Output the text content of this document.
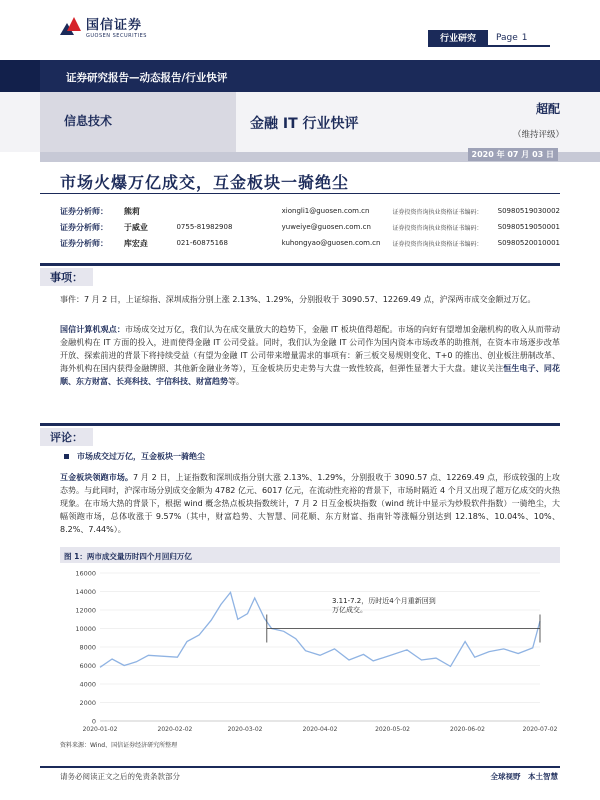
国信证券
GUOSEN SECURITIES	行业研究	Page 1
证券研究报告—动态报告/行业快评
信息技术	金融 IT 行业快评
超配
（维持评级）
2020 年 07 月 03 日
市场火爆万亿成交，互金板块一骑绝尘
证券分析师：	熊莉	xiongli1@guosen.com.cn	证券投资咨询执业资格证书编码：	S0980519030002
证券分析师：	于威业	0755-81982908	yuweiye@guosen.com.cn	证券投资咨询执业资格证书编码：	S0980519050001
证券分析师：	库宏垚	021-60875168	kuhongyao@guosen.com.cn	证券投资咨询执业资格证书编码：	S0980520010001
事项：
事件：7 月 2 日，上证综指、深圳成指分别上涨 2.13%、1.29%，分别报收于 3090.57、12269.49 点，沪深两市成交金额过万亿。
国信计算机观点：市场成交过万亿，我们认为在成交量放大的趋势下，金融 IT 板块值得超配。市场的向好有望增加金融机构的收入从而带动金融机构在 IT 方面的投入，进而使得金融 IT 公司受益。同时，我们认为金融 IT 公司作为国内资本市场改革的助推剂，在资本市场逐步改革开放、探索前进的背景下将持续受益（有望为金融 IT 公司带来增量需求的事项有：新三板交易规则变化、T+0 的推出、创业板注册制改革、海外机构在国内获得金融牌照、其他新金融业务等），互金板块历史走势与大盘一致性较高，但弹性显著大于大盘。建议关注恒生电子、同花顺、东方财富、长亮科技、宇信科技、财富趋势等。
评论：
市场成交过万亿，互金板块一骑绝尘
互金板块领跑市场。7 月 2 日，上证指数和深圳成指分别大涨 2.13%、1.29%，分别报收于 3090.57 点、12269.49 点，形成较强的上攻态势。与此同时，沪深市场分别成交金额为 4782 亿元、6017 亿元，在流动性充裕的背景下，市场时隔近 4 个月又出现了超万亿成交的火热现象。在市场大热的背景下，根据 wind 概念热点板块指数统计，7 月 2 日互金板块指数（wind 统计中显示为炒股软件指数）一骑绝尘，大幅领跑市场，总体收涨于 9.57%（其中，财富趋势、大智慧、同花顺、东方财富、指南针等涨幅分别达到 12.18%、10.04%、10%、8.2%、7.44%）。
图 1：两市成交量历时四个月回归万亿
0
2000
4000
6000
8000
10000
12000
14000
16000
2020-01-02	2020-02-02	2020-03-02	2020-04-02	2020-05-02	2020-06-02	2020-07-02
3.11-7.2，历时近4个月重新回到万亿成交。
资料来源：Wind、国信证券经济研究所整理
请务必阅读正文之后的免责条款部分	全球视野　本土智慧
